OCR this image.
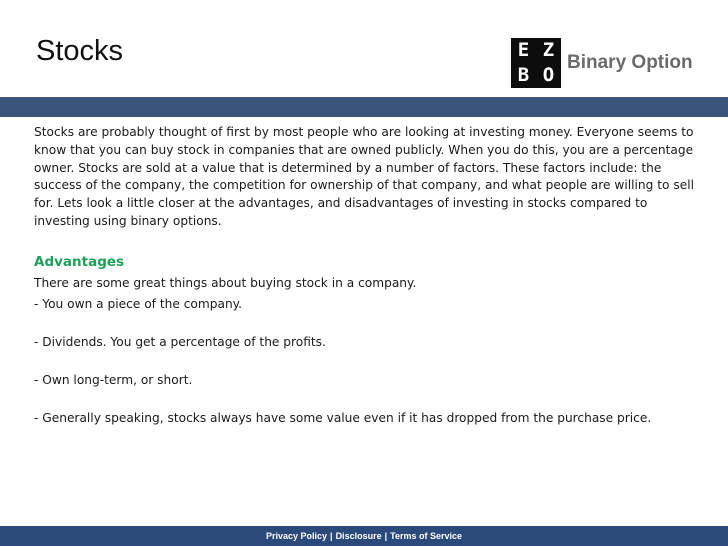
Stocks	E Z
B O
Binary Option

Stocks are probably thought of first by most people who are looking at investing money. Everyone seems to know that you can buy stock in companies that are owned publicly. When you do this, you are a percentage owner. Stocks are sold at a value that is determined by a number of factors. These factors include: the success of the company, the competition for ownership of that company, and what people are willing to sell for. Lets look a little closer at the advantages, and disadvantages of investing in stocks compared to investing using binary options.

Advantages

There are some great things about buying stock in a company.

- You own a piece of the company.
- Dividends. You get a percentage of the profits.
- Own long-term, or short.
- Generally speaking, stocks always have some value even if it has dropped from the purchase price.
Privacy Policy | Disclosure | Terms of Service
